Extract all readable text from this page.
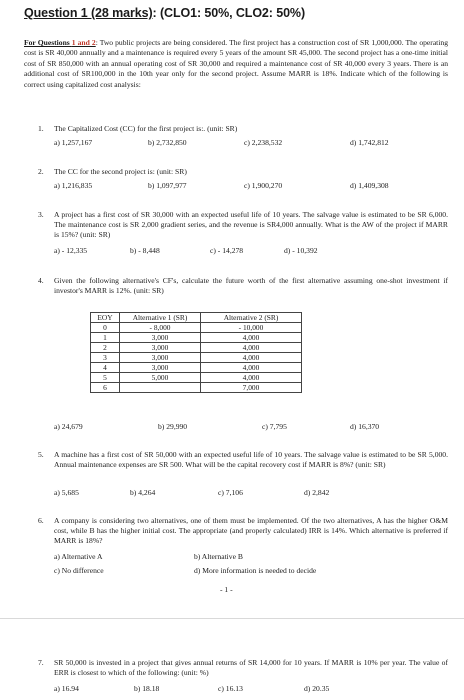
Question 1 (28 marks): (CLO1: 50%, CLO2: 50%)
For Questions 1 and 2: Two public projects are being considered. The first project has a construction cost of SR 1,000,000. The operating cost is SR 40,000 annually and a maintenance is required every 5 years of the amount SR 45,000. The second project has a one-time initial cost of SR 850,000 with an annual operating cost of SR 30,000 and required a maintenance cost of SR 40,000 every 3 years. There is an additional cost of SR100,000 in the 10th year only for the second project. Assume MARR is 18%. Indicate which of the following is correct using capitalized cost analysis:
1. The Capitalized Cost (CC) for the first project is:. (unit: SR)
a) 1,257,167	b) 2,732,850	c) 2,238,532	d) 1,742,812
2. The CC for the second project is: (unit: SR)
a) 1,216,835	b) 1,097,977	c) 1,900,270	d) 1,409,308
3. A project has a first cost of SR 30,000 with an expected useful life of 10 years. The salvage value is estimated to be SR 6,000. The maintenance cost is SR 2,000 gradient series, and the revenue is SR4,000 annually. What is the AW of the project if MARR is 15%? (unit: SR)
a) - 12,335	b) - 8,448	c) - 14,278	d) - 10,392
4. Given the following alternative's CF's, calculate the future worth of the first alternative assuming one-shot investment if investor's MARR is 12%. (unit: SR)
EOY	Alternative 1 (SR)	Alternative 2 (SR)
0	- 8,000	- 10,000
1	3,000	4,000
2	3,000	4,000
3	3,000	4,000
4	3,000	4,000
5	5,000	4,000
6		7,000
a) 24,679	b) 29,990	c) 7,795	d) 16,370
5. A machine has a first cost of SR 50,000 with an expected useful life of 10 years. The salvage value is estimated to be SR 5,000. Annual maintenance expenses are SR 500. What will be the capital recovery cost if MARR is 8%? (unit: SR)
a) 5,685	b) 4,264	c) 7,106	d) 2,842
6. A company is considering two alternatives, one of them must be implemented. Of the two alternatives, A has the higher O&M cost, while B has the higher initial cost. The appropriate (and properly calculated) IRR is 14%. Which alternative is preferred if MARR is 18%?
a) Alternative A	b) Alternative B
c) No difference	d) More information is needed to decide
- 1 -
7. SR 50,000 is invested in a project that gives annual returns of SR 14,000 for 10 years. If MARR is 10% per year. The value of ERR is closest to which of the following: (unit: %)
a) 16.94	b) 18.18	c) 16.13	d) 20.35
